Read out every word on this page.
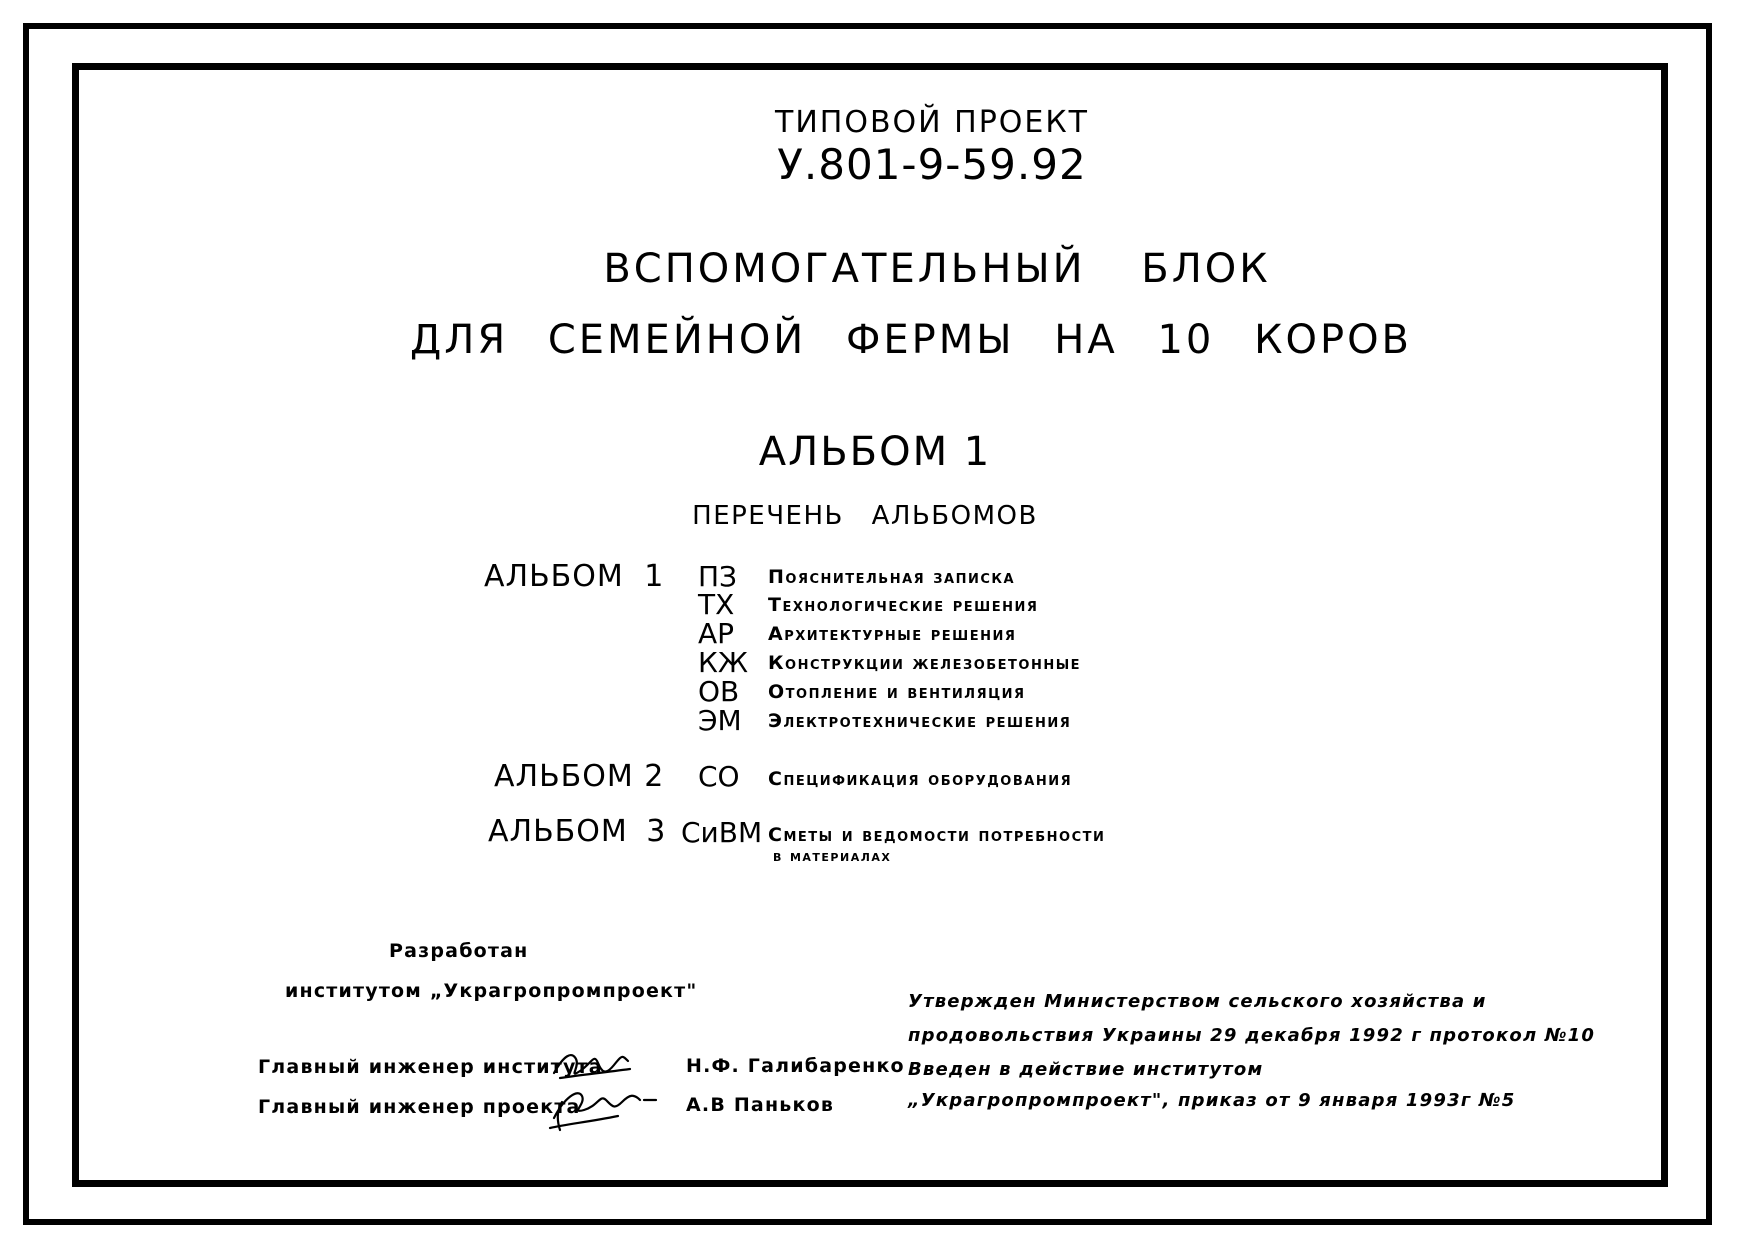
ТИПОВОЙ ПРОЕКТ
У.801-9-59.92
ВСПОМОГАТЕЛЬНЫЙ БЛОК
ДЛЯ СЕМЕЙНОЙ ФЕРМЫ НА 10 КОРОВ
АЛЬБОМ 1
ПЕРЕЧЕНЬ АЛЬБОМОВ
АЛЬБОМ 1 ПЗ Пояснительная записка
ТХ Технологические решения
АР Архитектурные решения
КЖ Конструкции железобетонные
ОВ Отопление и вентиляция
ЭМ Электротехнические решения
АЛЬБОМ 2 СО Спецификация оборудования
АЛЬБОМ 3 СиВМ Сметы и ведомости потребности
в материалах
Разработан
институтом „Украгропромпроект"
Главный инженер института	Н.Ф. Галибаренко
Главный инженер проекта	А.В Паньков
Утвержден Министерством сельского хозяйства и
продовольствия Украины 29 декабря 1992 г протокол №10
Введен в действие институтом
„Украгропромпроект", приказ от 9 января 1993г №5
